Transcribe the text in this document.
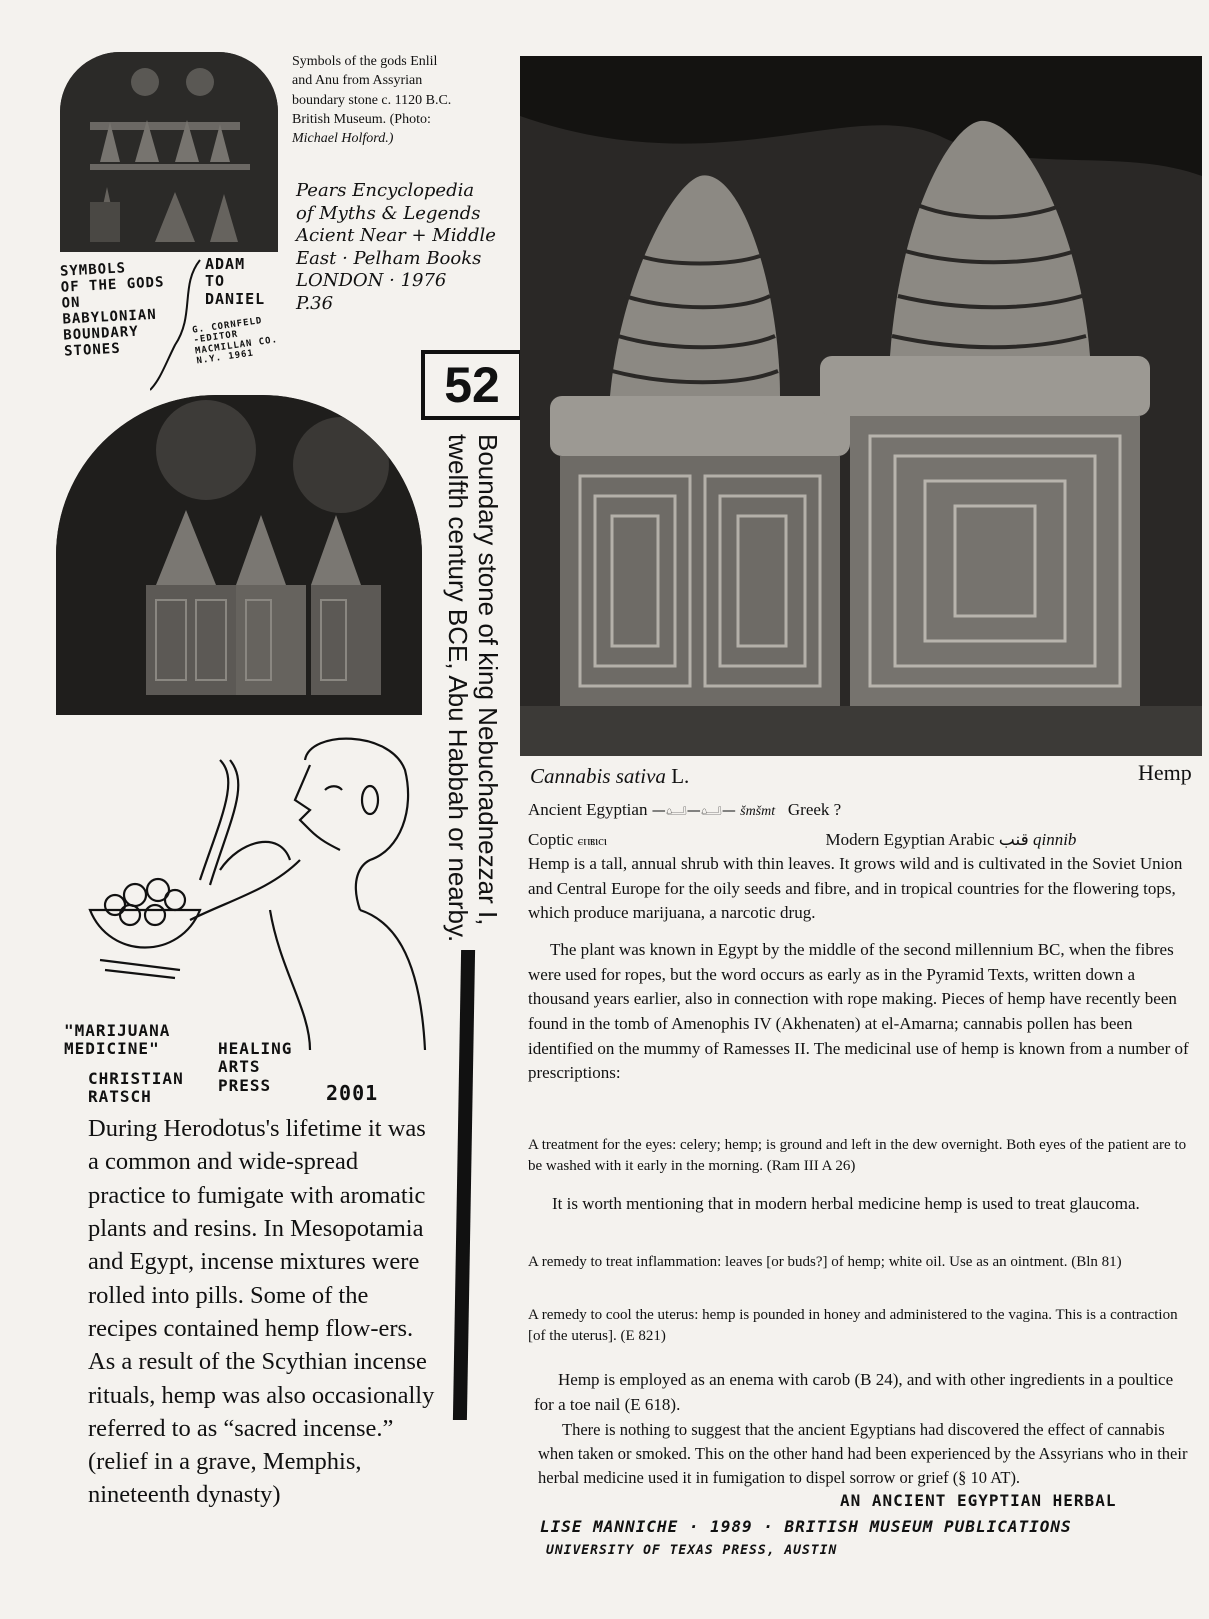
Symbols of the gods Enlil
and Anu from Assyrian
boundary stone c. 1120 B.C.
British Museum. (Photo:
Michael Holford.)
Pears Encyclopedia
of Myths & Legends
Acient Near + Middle
East · Pelham Books
LONDON · 1976
P.36
SYMBOLS
OF THE GODS
ON
BABYLONIAN
BOUNDARY
STONES
ADAM
TO
DANIEL
G. CORNFELD
-EDITOR
MACMILLAN CO.
N.Y. 1961	52
Boundary stone of king Nebuchadnezzar I,
twelfth century BCE, Abu Habbah or nearby.
"MARIJUANA
MEDICINE"	HEALING
ARTS
PRESS
CHRISTIAN
RATSCH	2001
During Herodotus's lifetime it was a common and wide-spread practice to fumigate with aromatic plants and resins. In Mesopotamia and Egypt, incense mixtures were rolled into pills. Some of the recipes contained hemp flow-ers. As a result of the Scythian incense rituals, hemp was also occasionally referred to as “sacred incense.” (relief in a grave, Memphis, nineteenth dynasty)
Cannabis sativa L.	Hemp
Ancient Egyptian —𓂟—𓂟— šmšmt Greek ?
Coptic ⲉⲡⲃⲓⲥⲓ	Modern Egyptian Arabic قنب qinnib
Hemp is a tall, annual shrub with thin leaves. It grows wild and is cultivated in the Soviet Union and Central Europe for the oily seeds and fibre, and in tropical countries for the flowering tops, which produce marijuana, a narcotic drug.
The plant was known in Egypt by the middle of the second millennium BC, when the fibres were used for ropes, but the word occurs as early as in the Pyramid Texts, written down a thousand years earlier, also in connection with rope making. Pieces of hemp have recently been found in the tomb of Amenophis IV (Akhenaten) at el-Amarna; cannabis pollen has been identified on the mummy of Ramesses II. The medicinal use of hemp is known from a number of prescriptions:
A treatment for the eyes: celery; hemp; is ground and left in the dew overnight. Both eyes of the patient are to be washed with it early in the morning. (Ram III A 26)
It is worth mentioning that in modern herbal medicine hemp is used to treat glaucoma.
A remedy to treat inflammation: leaves [or buds?] of hemp; white oil. Use as an ointment. (Bln 81)
A remedy to cool the uterus: hemp is pounded in honey and administered to the vagina. This is a contraction [of the uterus]. (E 821)
Hemp is employed as an enema with carob (B 24), and with other ingredients in a poultice for a toe nail (E 618).
There is nothing to suggest that the ancient Egyptians had discovered the effect of cannabis when taken or smoked. This on the other hand had been experienced by the Assyrians who in their herbal medicine used it in fumigation to dispel sorrow or grief (§ 10 AT).
AN ANCIENT EGYPTIAN HERBAL
LISE MANNICHE · 1989 · BRITISH MUSEUM PUBLICATIONS
UNIVERSITY OF TEXAS PRESS, AUSTIN
